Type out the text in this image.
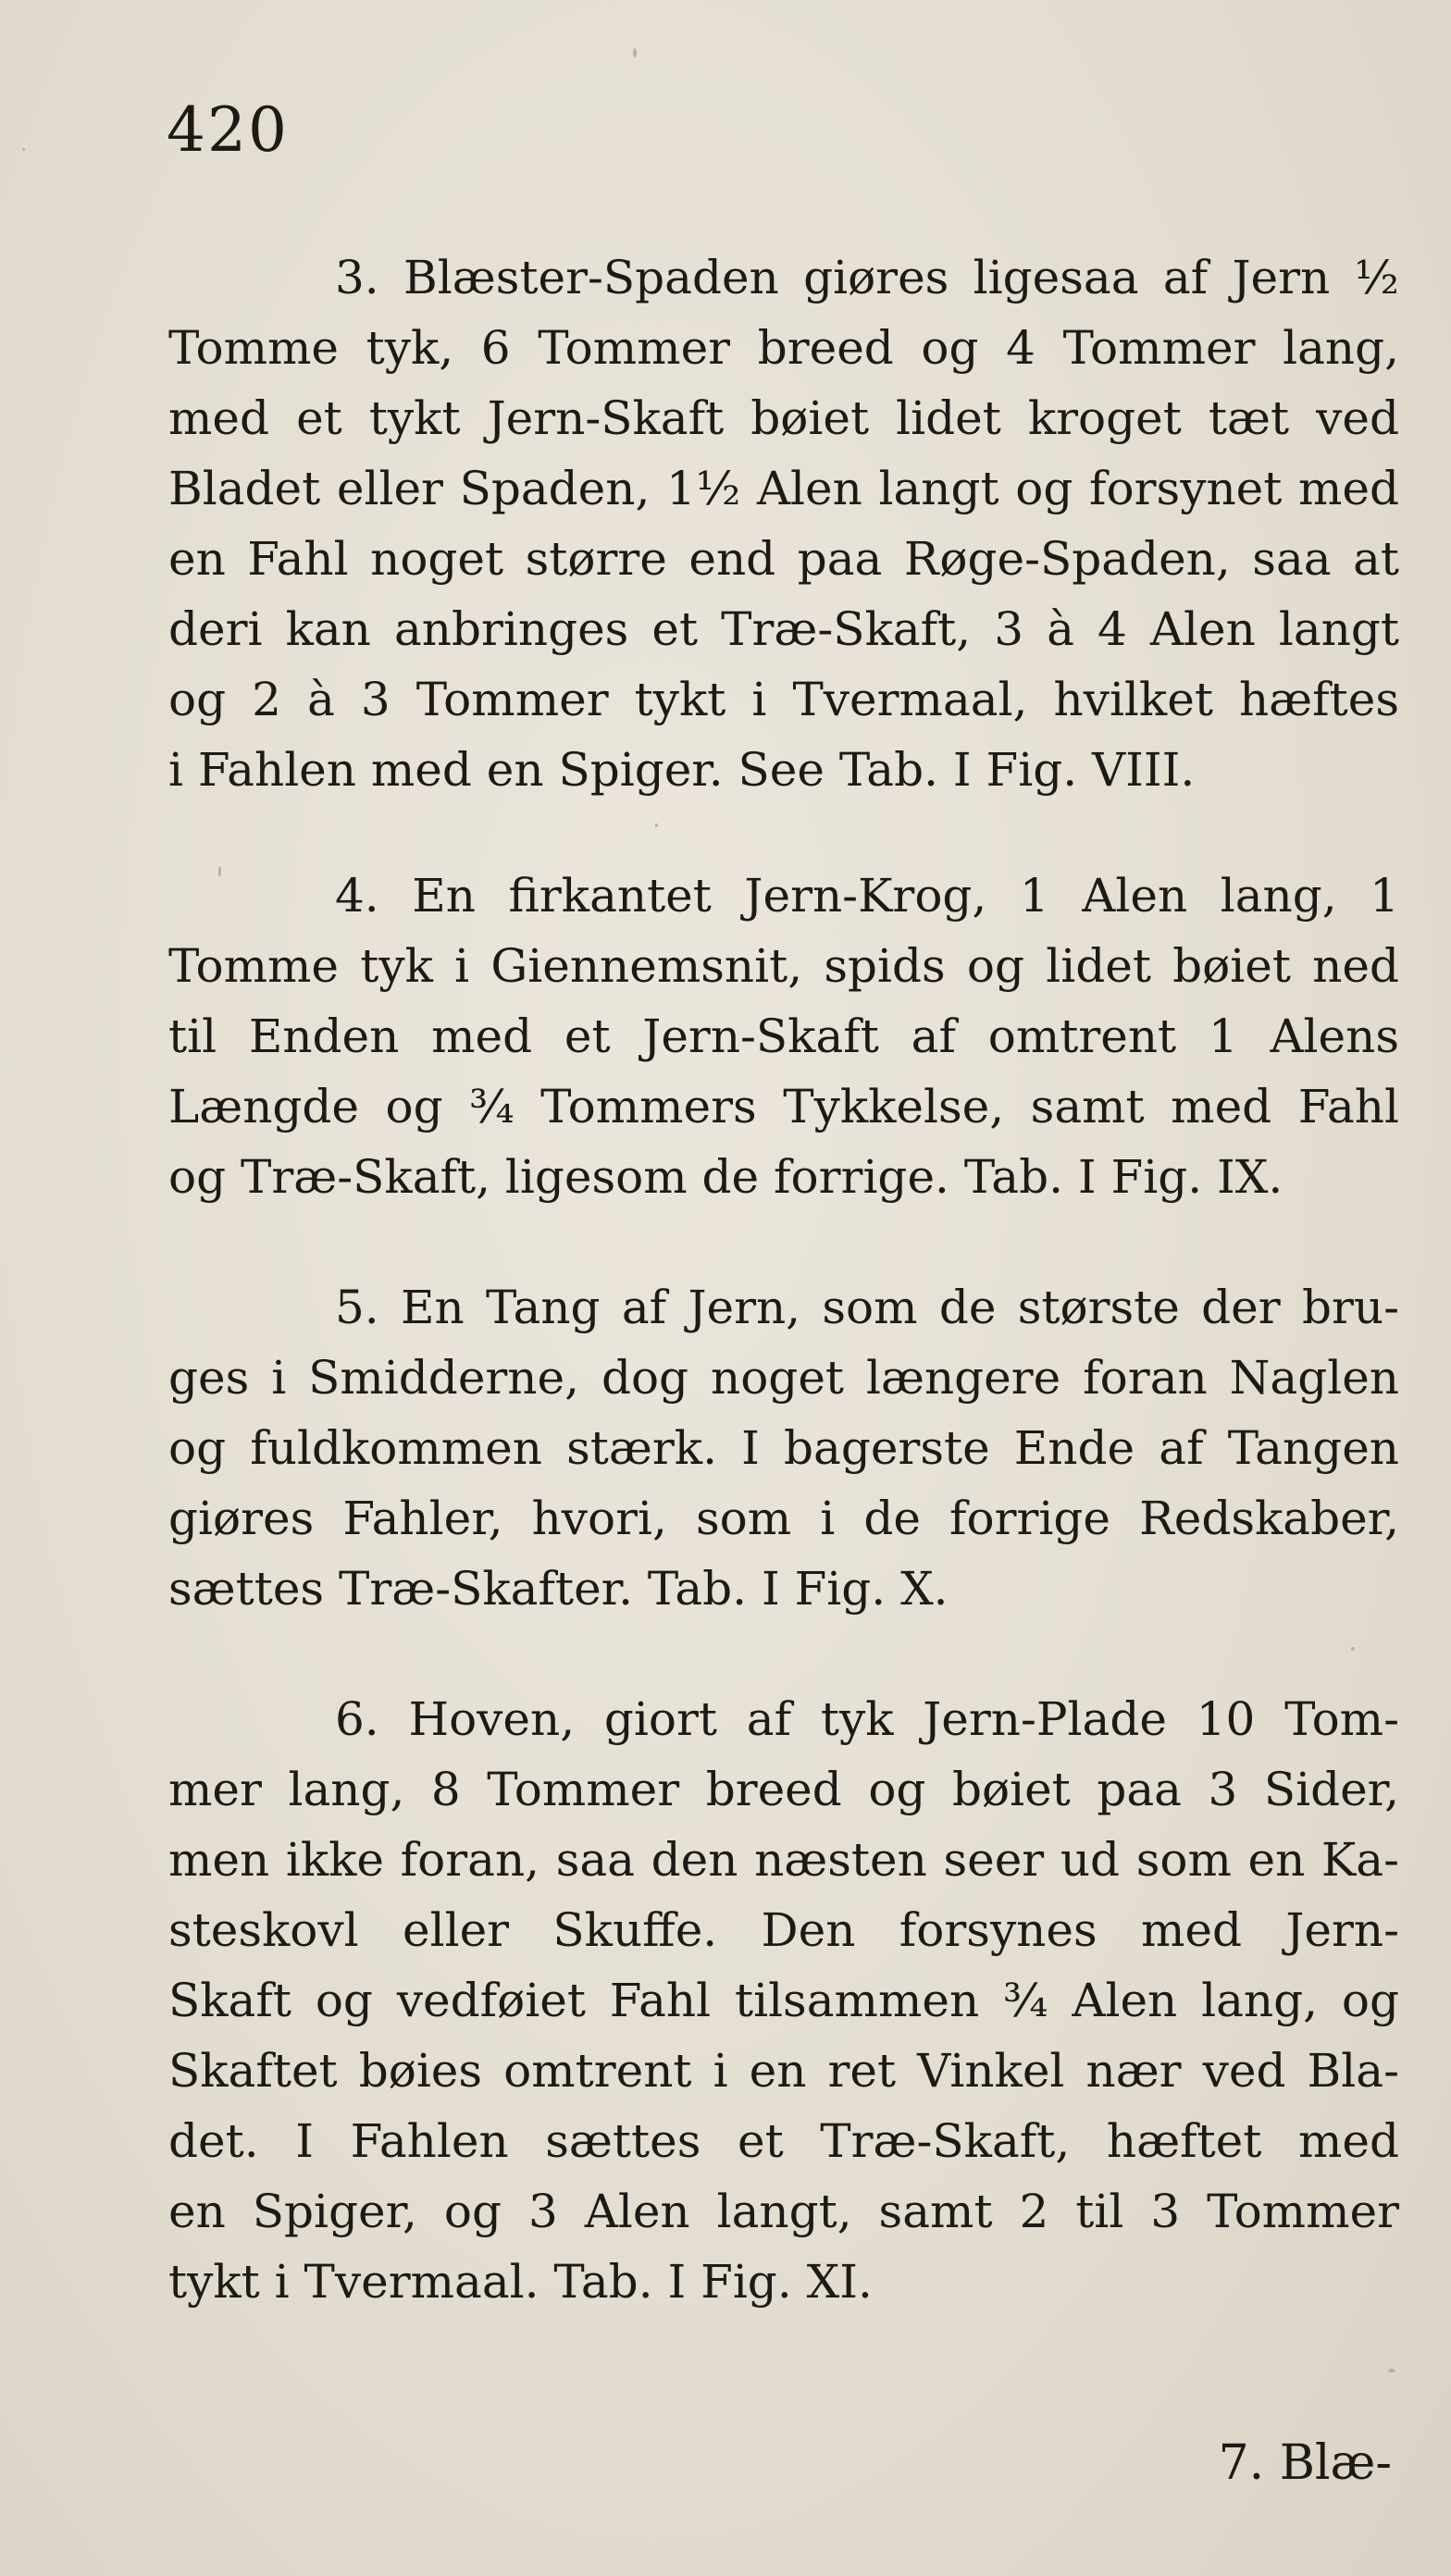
420
3. Blæster-Spaden giøres ligesaa af Jern ½
Tomme tyk, 6 Tommer breed og 4 Tommer lang,
med et tykt Jern-Skaft bøiet lidet kroget tæt ved
Bladet eller Spaden, 1½ Alen langt og forsynet med
en Fahl noget større end paa Røge-Spaden, saa at
deri kan anbringes et Træ-Skaft, 3 à 4 Alen langt
og 2 à 3 Tommer tykt i Tvermaal, hvilket hæftes
i Fahlen med en Spiger. See Tab. I Fig. VIII.
4. En firkantet Jern-Krog, 1 Alen lang, 1
Tomme tyk i Giennemsnit, spids og lidet bøiet ned
til Enden med et Jern-Skaft af omtrent 1 Alens
Længde og ¾ Tommers Tykkelse, samt med Fahl
og Træ-Skaft, ligesom de forrige. Tab. I Fig. IX.
5. En Tang af Jern, som de største der bru-
ges i Smidderne, dog noget længere foran Naglen
og fuldkommen stærk. I bagerste Ende af Tangen
giøres Fahler, hvori, som i de forrige Redskaber,
sættes Træ-Skafter. Tab. I Fig. X.
6. Hoven, giort af tyk Jern-Plade 10 Tom-
mer lang, 8 Tommer breed og bøiet paa 3 Sider,
men ikke foran, saa den næsten seer ud som en Ka-
steskovl eller Skuffe. Den forsynes med Jern-
Skaft og vedføiet Fahl tilsammen ¾ Alen lang, og
Skaftet bøies omtrent i en ret Vinkel nær ved Bla-
det. I Fahlen sættes et Træ-Skaft, hæftet med
en Spiger, og 3 Alen langt, samt 2 til 3 Tommer
tykt i Tvermaal. Tab. I Fig. XI.
7. Blæ-
